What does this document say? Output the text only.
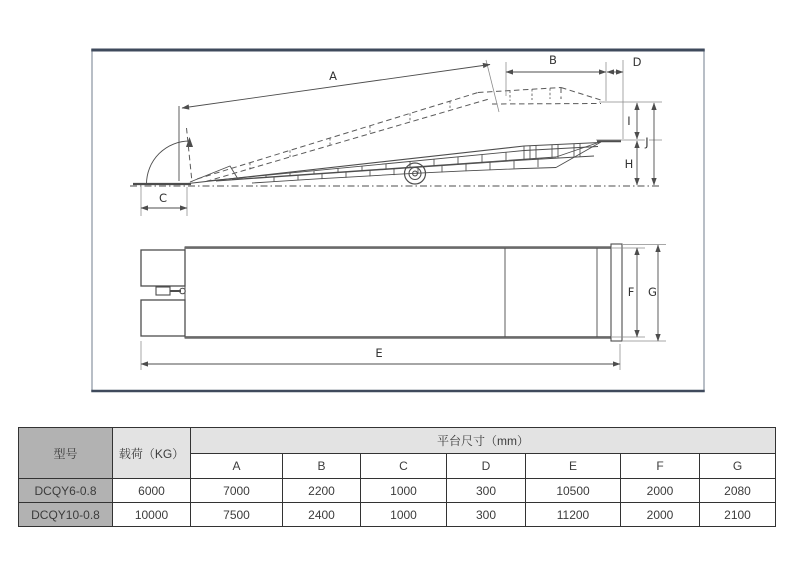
A
B	D
I
J
H
C
E
F G
型号	载荷（KG）	平台尺寸（mm）						
		A	B	C	D	E	F	G
DCQY6-0.8	6000	7000	2200	1000	300	10500	2000	2080
DCQY10-0.8	10000	7500	2400	1000	300	11200	2000	2100
